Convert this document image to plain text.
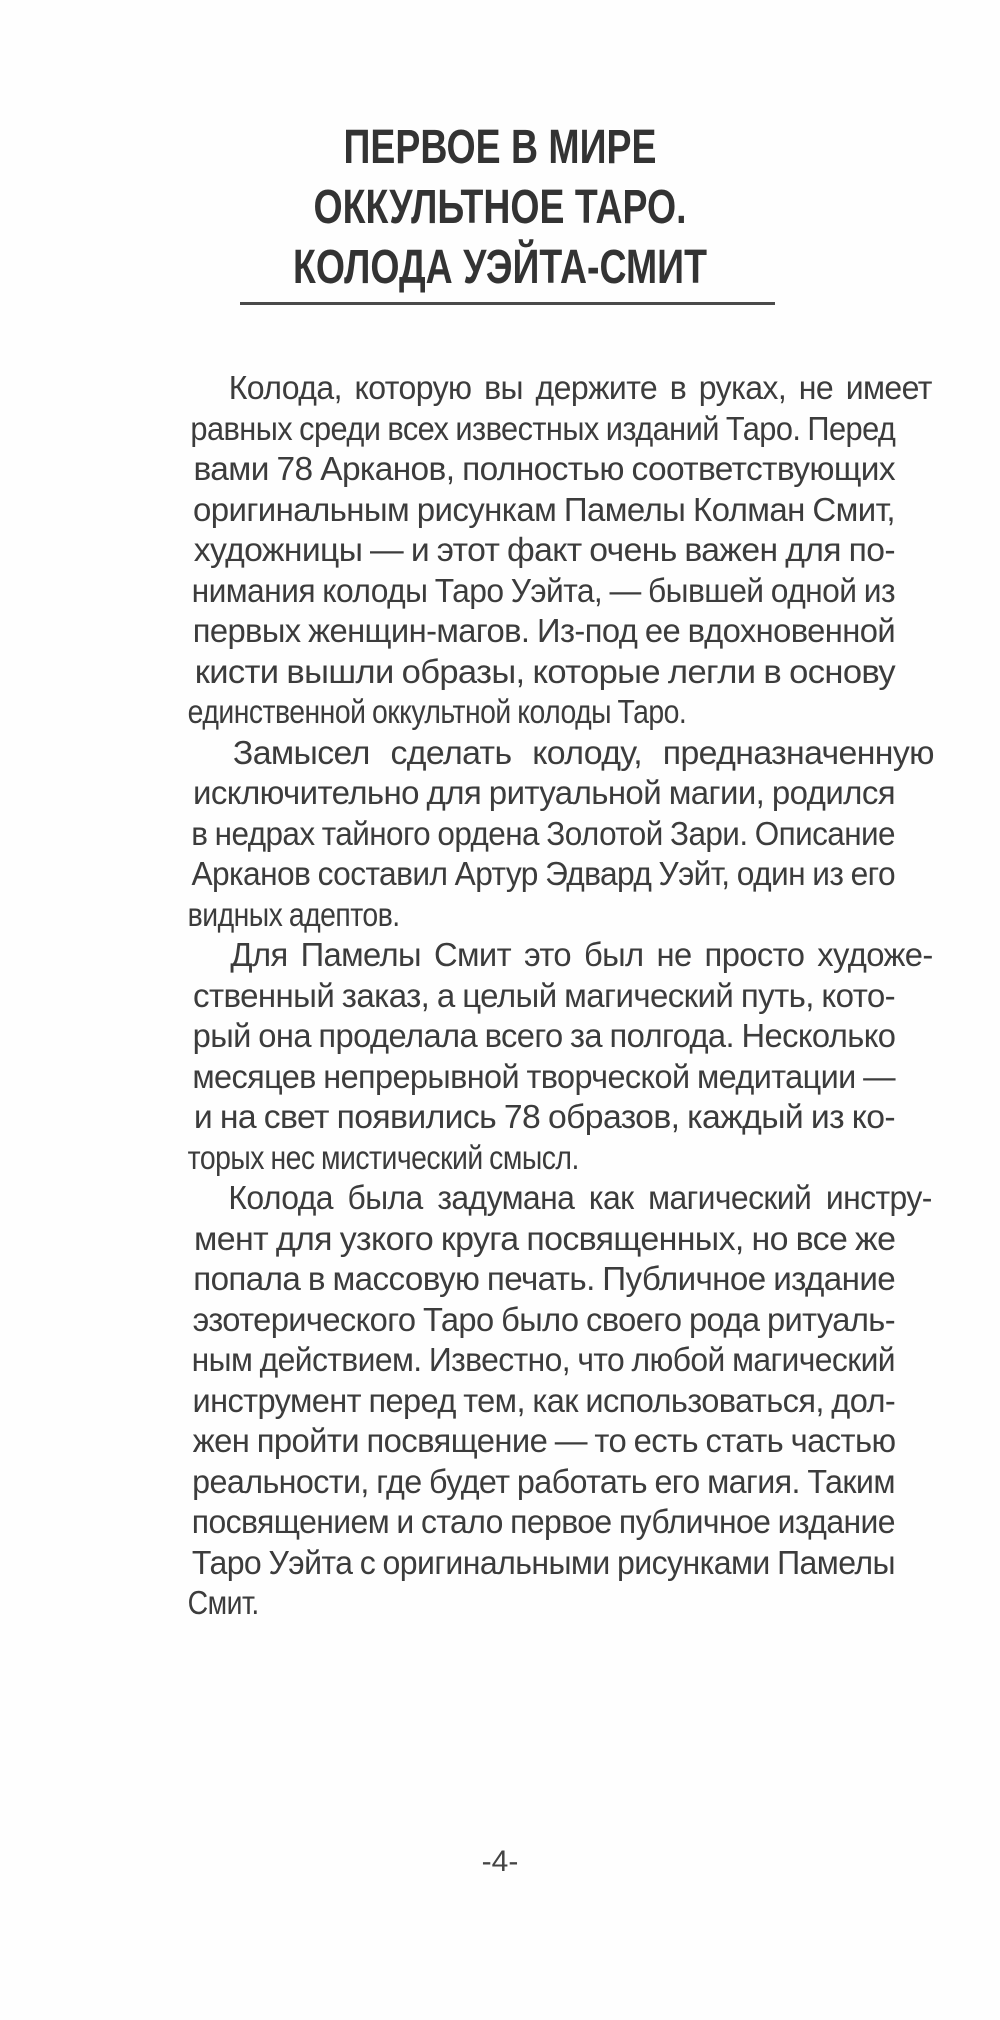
ПЕРВОЕ В МИРЕ
ОККУЛЬТНОЕ ТАРО.
КОЛОДА УЭЙТА-СМИТ
Колода, которую вы держите в руках, не имеет
равных среди всех известных изданий Таро. Перед
вами 78 Арканов, полностью соответствующих
оригинальным рисункам Памелы Колман Смит,
художницы — и этот факт очень важен для по-
нимания колоды Таро Уэйта, — бывшей одной из
первых женщин-магов. Из-под ее вдохновенной
кисти вышли образы, которые легли в основу
единственной оккультной колоды Таро.
Замысел сделать колоду, предназначенную
исключительно для ритуальной магии, родился
в недрах тайного ордена Золотой Зари. Описание
Арканов составил Артур Эдвард Уэйт, один из его
видных адептов.
Для Памелы Смит это был не просто художе-
ственный заказ, а целый магический путь, кото-
рый она проделала всего за полгода. Несколько
месяцев непрерывной творческой медитации —
и на свет появились 78 образов, каждый из ко-
торых нес мистический смысл.
Колода была задумана как магический инстру-
мент для узкого круга посвященных, но все же
попала в массовую печать. Публичное издание
эзотерического Таро было своего рода ритуаль-
ным действием. Известно, что любой магический
инструмент перед тем, как использоваться, дол-
жен пройти посвящение — то есть стать частью
реальности, где будет работать его магия. Таким
посвящением и стало первое публичное издание
Таро Уэйта с оригинальными рисунками Памелы
Смит.
-4-
